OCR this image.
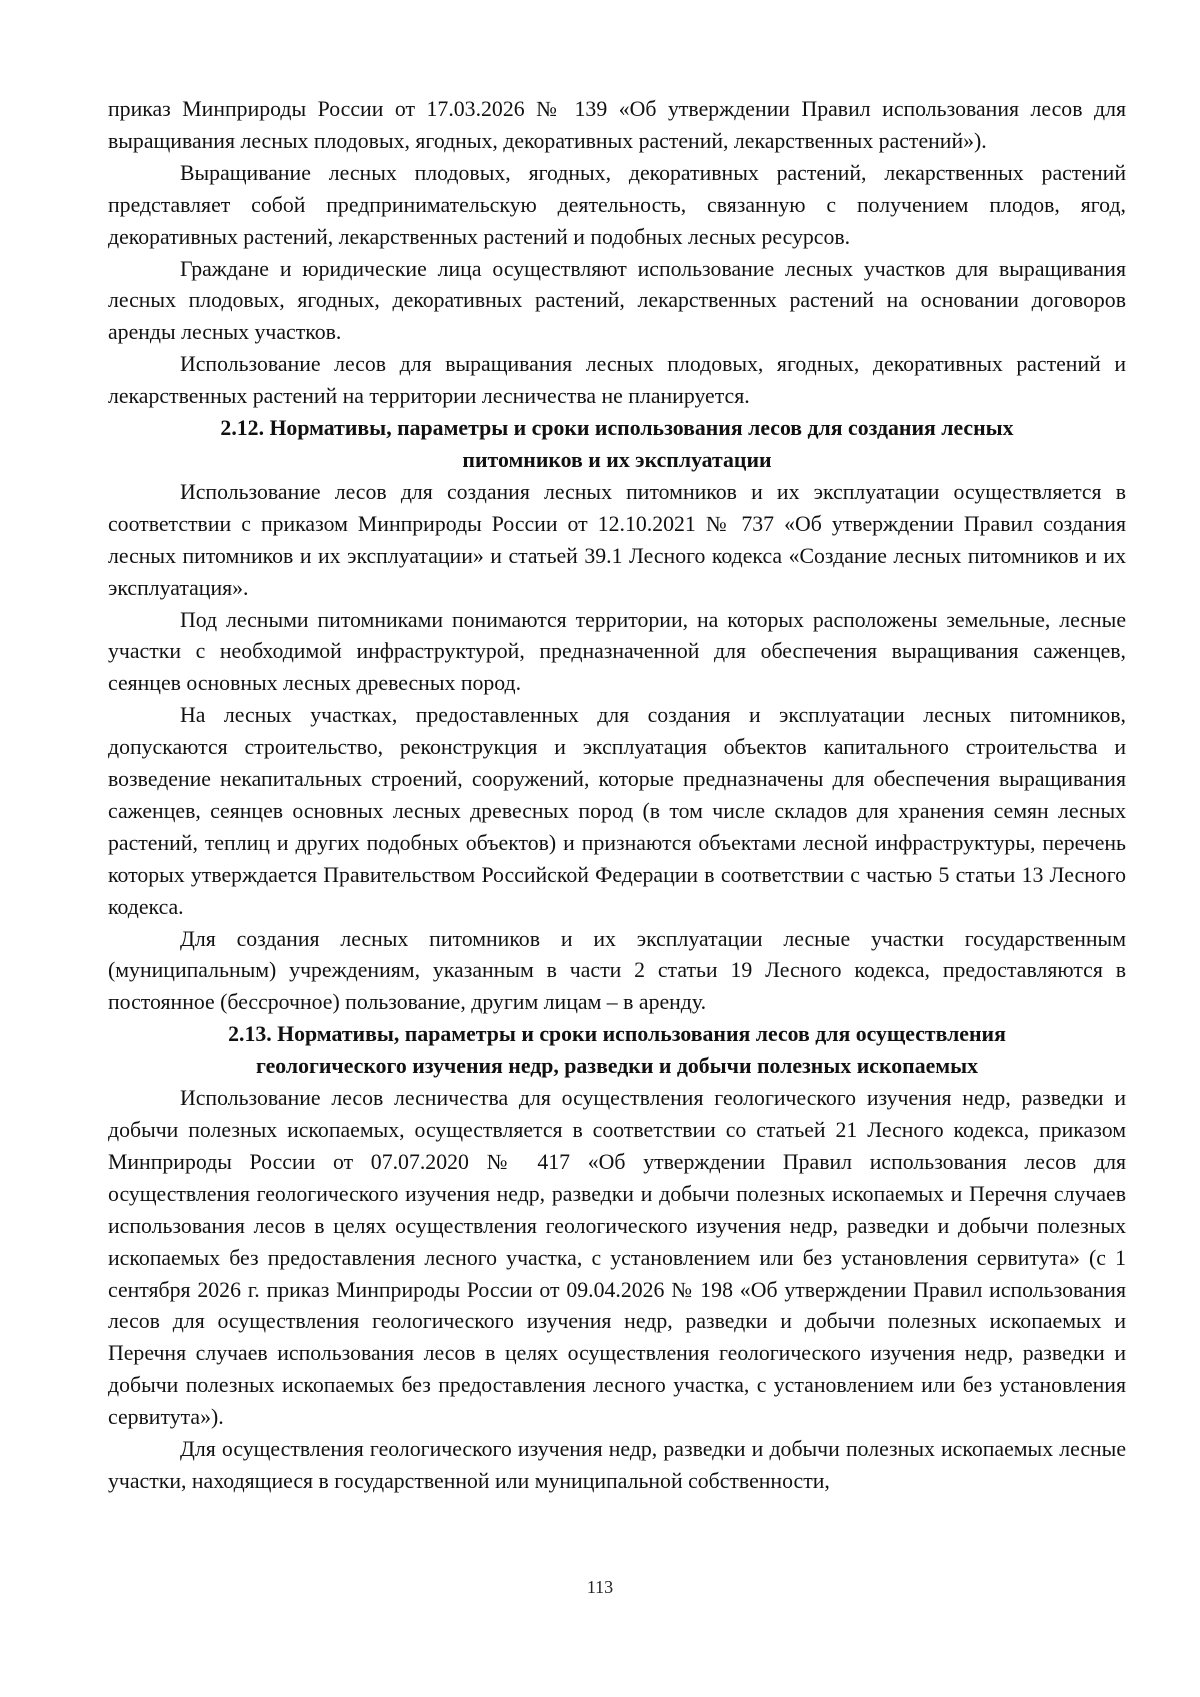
приказ Минприроды России от 17.03.2026 № 139 «Об утверждении Правил использования лесов для выращивания лесных плодовых, ягодных, декоративных растений, лекарственных растений»).

Выращивание лесных плодовых, ягодных, декоративных растений, лекарственных растений представляет собой предпринимательскую деятельность, связанную с получением плодов, ягод, декоративных растений, лекарственных растений и подобных лесных ресурсов.

Граждане и юридические лица осуществляют использование лесных участков для выращивания лесных плодовых, ягодных, декоративных растений, лекарственных растений на основании договоров аренды лесных участков.

Использование лесов для выращивания лесных плодовых, ягодных, декоративных растений и лекарственных растений на территории лесничества не планируется.

2.12. Нормативы, параметры и сроки использования лесов для создания лесных питомников и их эксплуатации

Использование лесов для создания лесных питомников и их эксплуатации осуществляется в соответствии с приказом Минприроды России от 12.10.2021 № 737 «Об утверждении Правил создания лесных питомников и их эксплуатации» и статьей 39.1 Лесного кодекса «Создание лесных питомников и их эксплуатация».

Под лесными питомниками понимаются территории, на которых расположены земельные, лесные участки с необходимой инфраструктурой, предназначенной для обеспечения выращивания саженцев, сеянцев основных лесных древесных пород.

На лесных участках, предоставленных для создания и эксплуатации лесных питомников, допускаются строительство, реконструкция и эксплуатация объектов капитального строительства и возведение некапитальных строений, сооружений, которые предназначены для обеспечения выращивания саженцев, сеянцев основных лесных древесных пород (в том числе складов для хранения семян лесных растений, теплиц и других подобных объектов) и признаются объектами лесной инфраструктуры, перечень которых утверждается Правительством Российской Федерации в соответствии с частью 5 статьи 13 Лесного кодекса.

Для создания лесных питомников и их эксплуатации лесные участки государственным (муниципальным) учреждениям, указанным в части 2 статьи 19 Лесного кодекса, предоставляются в постоянное (бессрочное) пользование, другим лицам – в аренду.

2.13. Нормативы, параметры и сроки использования лесов для осуществления геологического изучения недр, разведки и добычи полезных ископаемых

Использование лесов лесничества для осуществления геологического изучения недр, разведки и добычи полезных ископаемых, осуществляется в соответствии со статьей 21 Лесного кодекса, приказом Минприроды России от 07.07.2020 № 417 «Об утверждении Правил использования лесов для осуществления геологического изучения недр, разведки и добычи полезных ископаемых и Перечня случаев использования лесов в целях осуществления геологического изучения недр, разведки и добычи полезных ископаемых без предоставления лесного участка, с установлением или без установления сервитута» (с 1 сентября 2026 г. приказ Минприроды России от 09.04.2026 № 198 «Об утверждении Правил использования лесов для осуществления геологического изучения недр, разведки и добычи полезных ископаемых и Перечня случаев использования лесов в целях осуществления геологического изучения недр, разведки и добычи полезных ископаемых без предоставления лесного участка, с установлением или без установления сервитута»).

Для осуществления геологического изучения недр, разведки и добычи полезных ископаемых лесные участки, находящиеся в государственной или муниципальной собственности,

113
